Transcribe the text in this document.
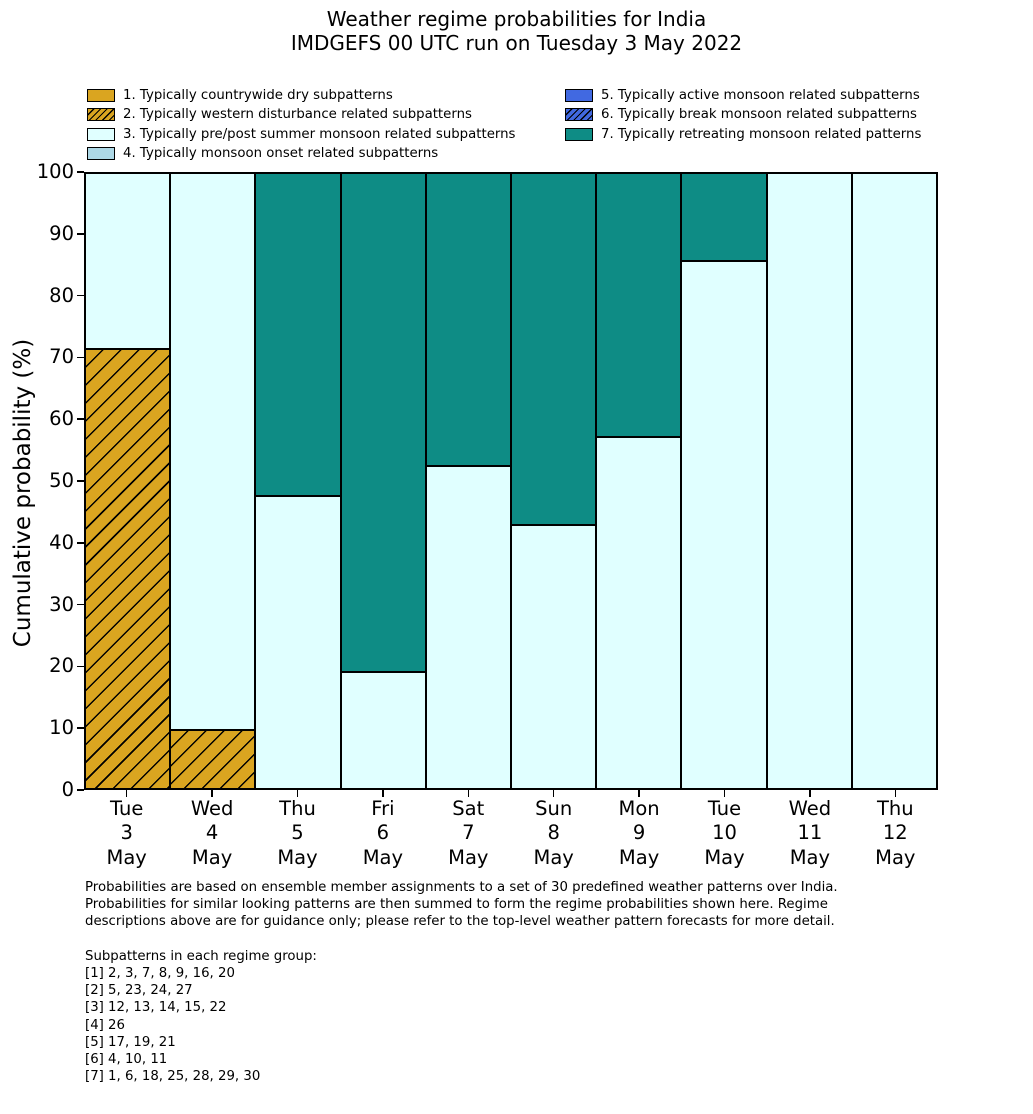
Weather regime probabilities for India
IMDGEFS 00 UTC run on Tuesday 3 May 2022
1. Typically countrywide dry subpatterns
2. Typically western disturbance related subpatterns
3. Typically pre/post summer monsoon related subpatterns
4. Typically monsoon onset related subpatterns
5. Typically active monsoon related subpatterns
6. Typically break monsoon related subpatterns
7. Typically retreating monsoon related patterns
Cumulative probability (%)
0
10
20
30
40
50
60
70
80
90
100
Tue
3
May
Wed
4
May
Thu
5
May
Fri
6
May
Sat
7
May
Sun
8
May
Mon
9
May
Tue
10
May
Wed
11
May
Thu
12
May
Probabilities are based on ensemble member assignments to a set of 30 predefined weather patterns over India.
Probabilities for similar looking patterns are then summed to form the regime probabilities shown here. Regime
descriptions above are for guidance only; please refer to the top-level weather pattern forecasts for more detail.
Subpatterns in each regime group:
[1] 2, 3, 7, 8, 9, 16, 20
[2] 5, 23, 24, 27
[3] 12, 13, 14, 15, 22
[4] 26
[5] 17, 19, 21
[6] 4, 10, 11
[7] 1, 6, 18, 25, 28, 29, 30
